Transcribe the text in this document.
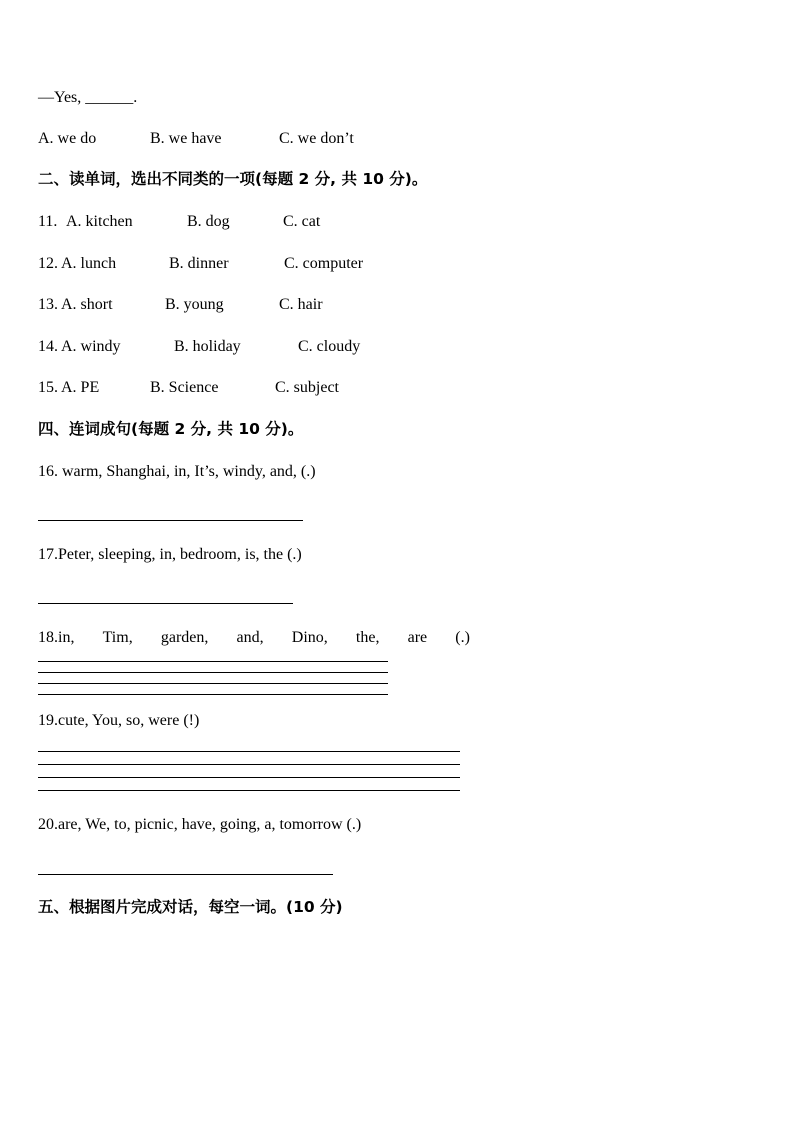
—Yes, ______.
A. we do	B. we have	C. we don’t
二、读单词，选出不同类的一项(每题 2 分, 共 10 分)。
11. A. kitchen	B. dog	C. cat
12. A. lunch	B. dinner	C. computer
13. A. short	B. young	C. hair
14. A. windy	B. holiday	C. cloudy
15. A. PE	B. Science	C. subject
四、连词成句(每题 2 分, 共 10 分)。
16. warm, Shanghai, in, It’s, windy, and, (.)
17.Peter, sleeping, in, bedroom, is, the (.)
18.in, Tim, garden, and, Dino, the, are (.)
19.cute, You, so, were (!)
20.are, We, to, picnic, have, going, a, tomorrow (.)
五、根据图片完成对话，每空一词。(10 分)
